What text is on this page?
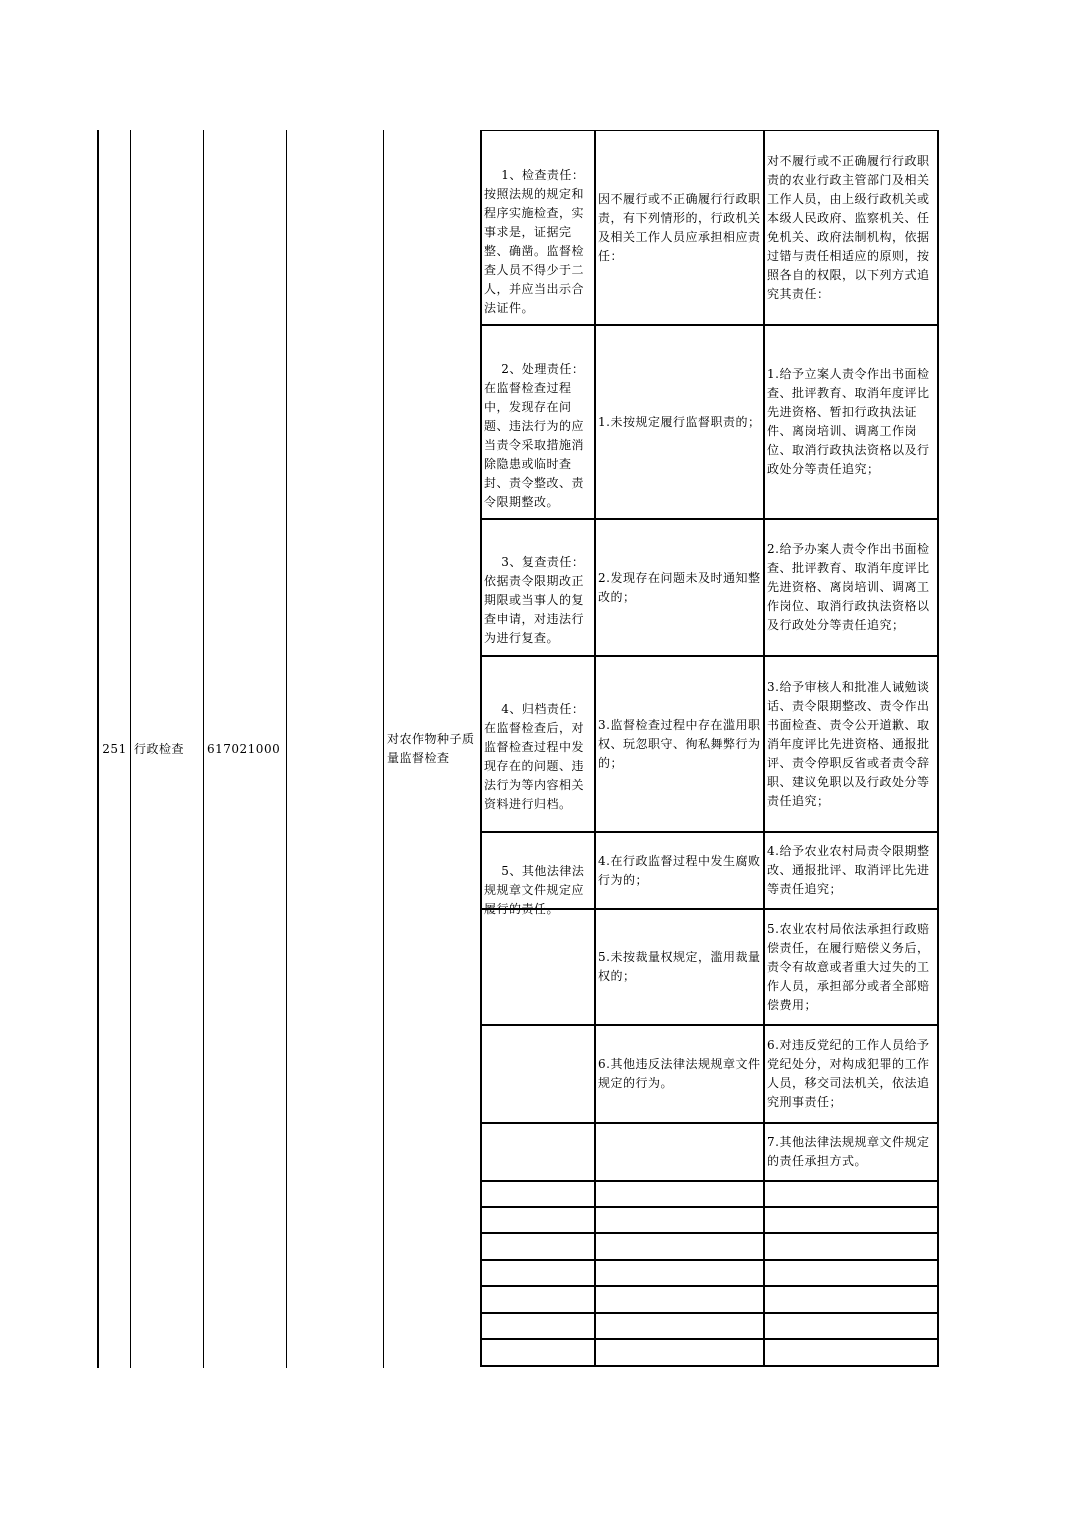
251 行政检查 617021000
对农作物种子质量监督检查

1、检查责任：按照法规的规定和程序实施检查，实事求是，证据完整、确凿。监督检查人员不得少于二人，并应当出示合法证件。

因不履行或不正确履行行政职责，有下列情形的，行政机关及相关工作人员应承担相应责任：
对不履行或不正确履行行政职责的农业行政主管部门及相关工作人员，由上级行政机关或本级人民政府、监察机关、任免机关、政府法制机构，依据过错与责任相适应的原则，按照各自的权限，以下列方式追究其责任：

2、处理责任：在监督检查过程中，发现存在问题、违法行为的应当责令采取措施消除隐患或临时查封、责令整改、责令限期整改。

1.未按规定履行监督职责的；
1.给予立案人责令作出书面检查、批评教育、取消年度评比先进资格、暂扣行政执法证件、离岗培训、调离工作岗位、取消行政执法资格以及行政处分等责任追究；

3、复查责任：依据责令限期改正期限或当事人的复查申请，对违法行为进行复查。

2.发现存在问题未及时通知整改的；
2.给予办案人责令作出书面检查、批评教育、取消年度评比先进资格、离岗培训、调离工作岗位、取消行政执法资格以及行政处分等责任追究；

4、归档责任：在监督检查后，对监督检查过程中发现存在的问题、违法行为等内容相关资料进行归档。

3.监督检查过程中存在滥用职权、玩忽职守、徇私舞弊行为的；
3.给予审核人和批准人诫勉谈话、责令限期整改、责令作出书面检查、责令公开道歉、取消年度评比先进资格、通报批评、责令停职反省或者责令辞职、建议免职以及行政处分等责任追究；

5、其他法律法规规章文件规定应履行的责任。

4.在行政监督过程中发生腐败行为的；
4.给予农业农村局责令限期整改、通报批评、取消评比先进等责任追究；
5.未按裁量权规定，滥用裁量权的；
5.农业农村局依法承担行政赔偿责任，在履行赔偿义务后，责令有故意或者重大过失的工作人员，承担部分或者全部赔偿费用；
6.其他违反法律法规规章文件规定的行为。
6.对违反党纪的工作人员给予党纪处分，对构成犯罪的工作人员，移交司法机关，依法追究刑事责任；
7.其他法律法规规章文件规定的责任承担方式。
